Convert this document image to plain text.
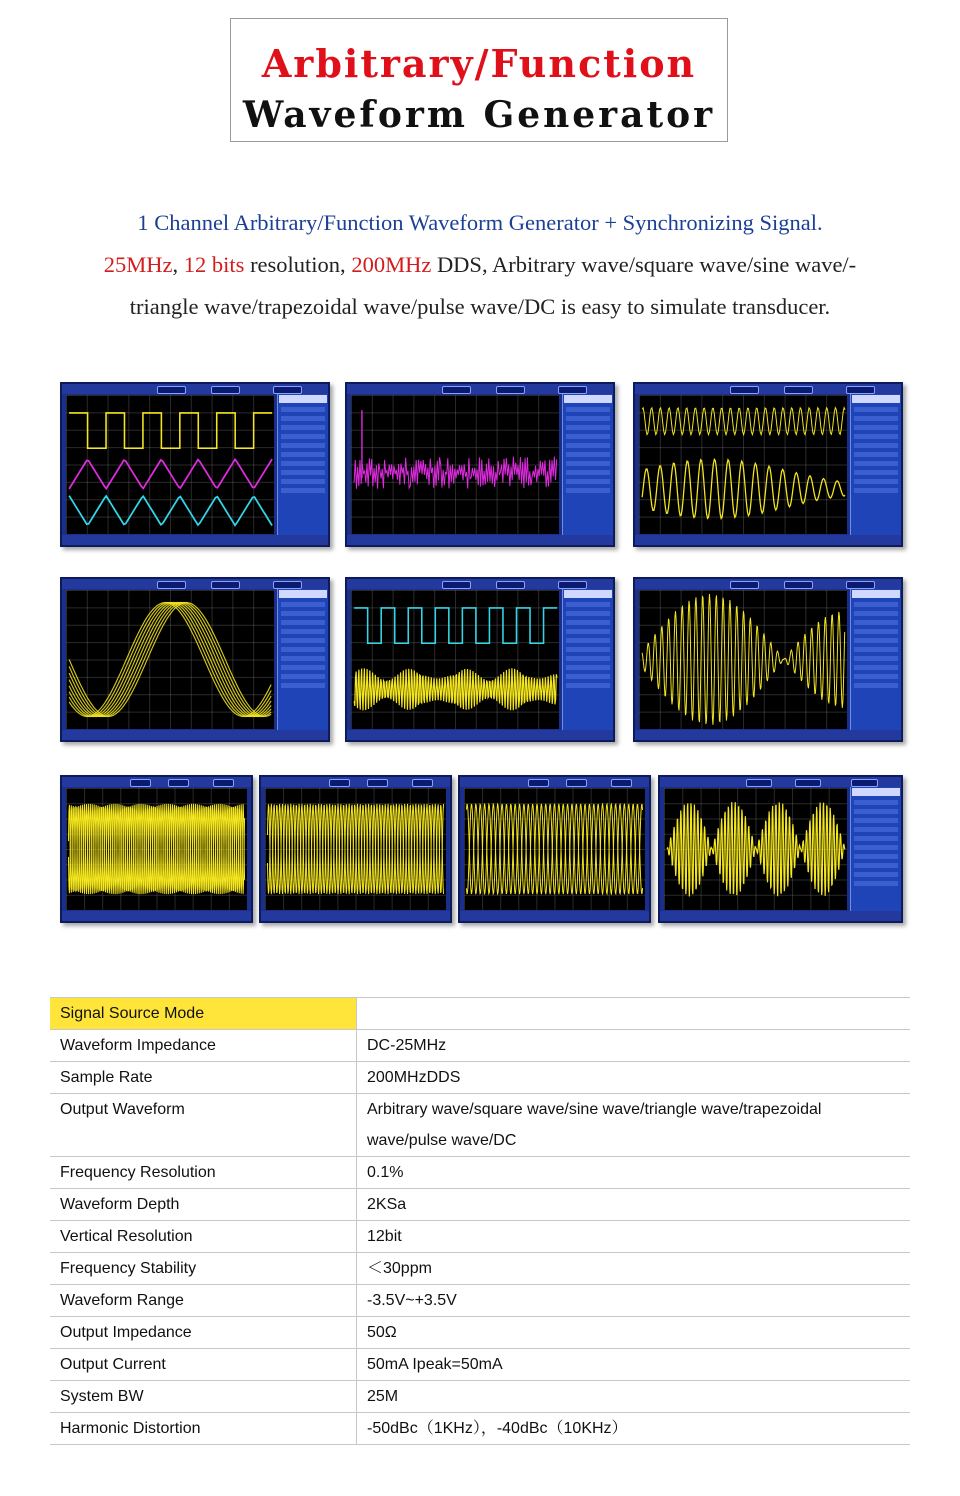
Arbitrary/Function
Waveform Generator
1 Channel Arbitrary/Function Waveform Generator + Synchronizing Signal.
25MHz, 12 bits resolution, 200MHz DDS, Arbitrary wave/square wave/sine wave/-
triangle wave/trapezoidal wave/pulse wave/DC is easy to simulate transducer.
Signal Source Mode	
Waveform Impedance	DC-25MHz

Sample Rate	200MHzDDS

Output Waveform	Arbitrary wave/square wave/sine wave/triangle wave/trapezoidal
wave/pulse wave/DC

Frequency Resolution	0.1%

Waveform Depth	2KSa

Vertical Resolution	12bit

Frequency Stability	＜30ppm

Waveform Range	-3.5V~+3.5V

Output Impedance	50Ω

Output Current	50mA Ipeak=50mA

System BW	25M

Harmonic Distortion	-50dBc（1KHz），-40dBc（10KHz）
